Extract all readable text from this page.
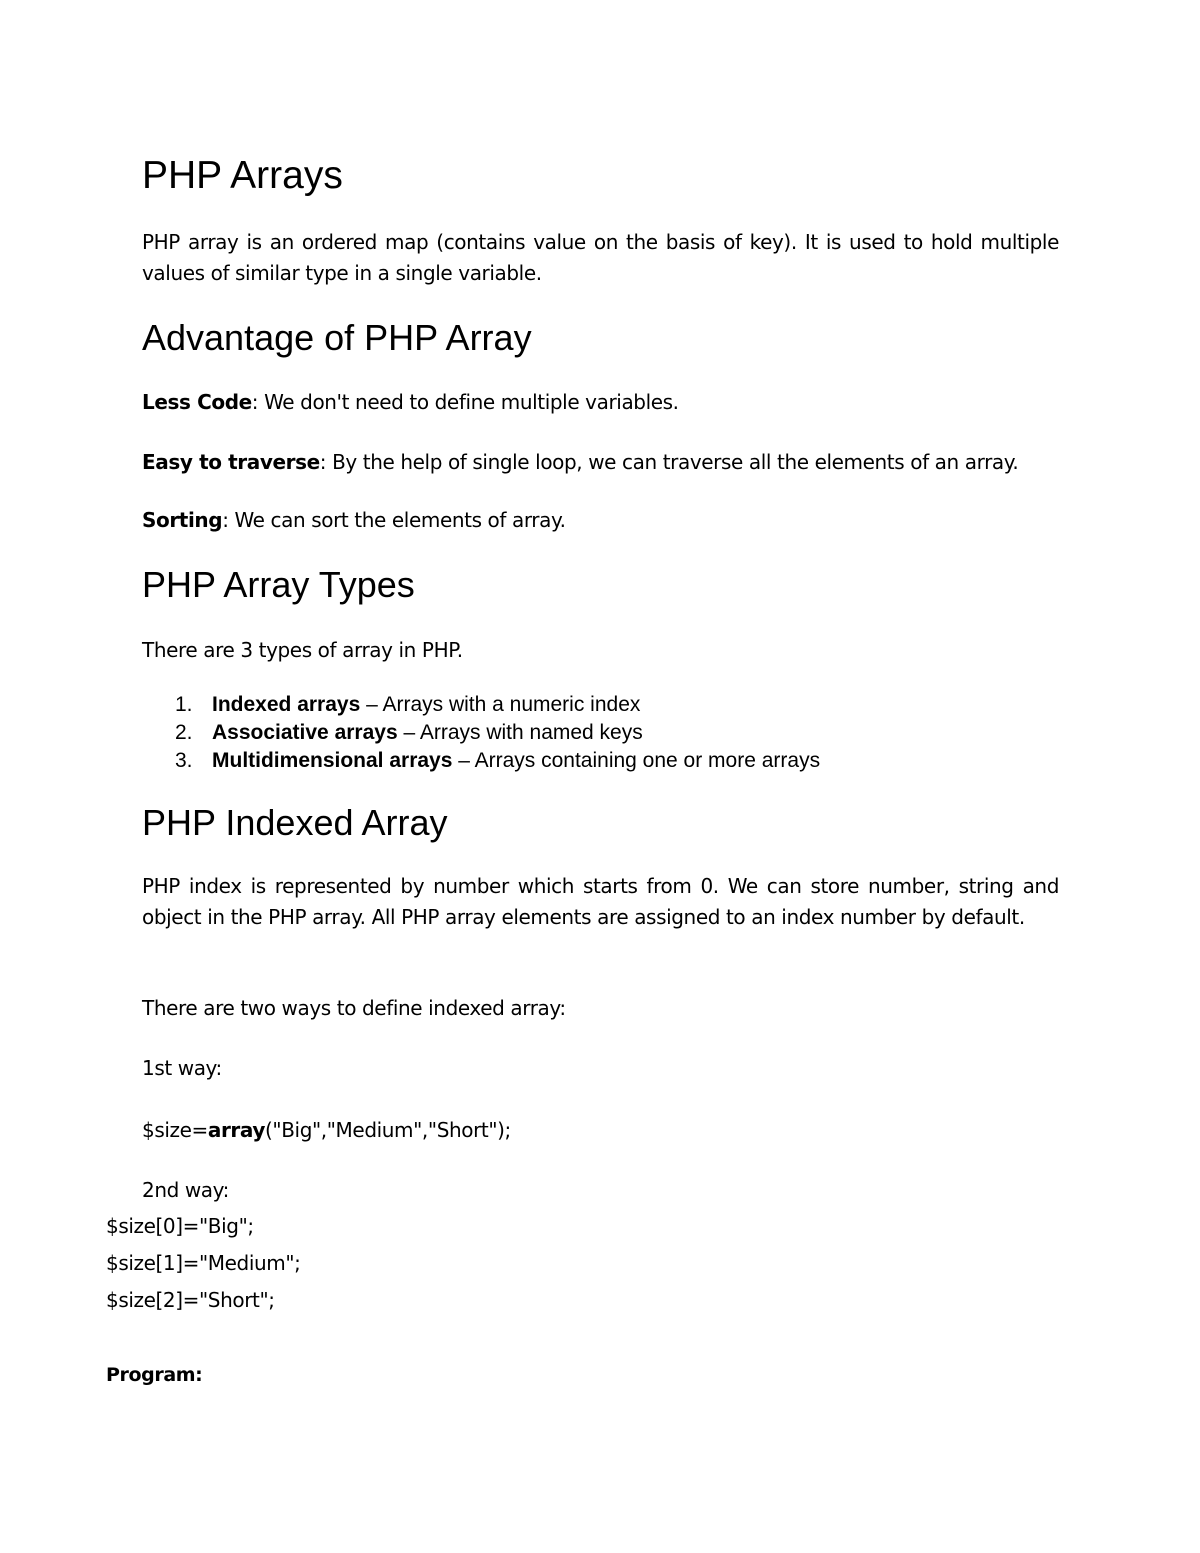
PHP Arrays

PHP array is an ordered map (contains value on the basis of key). It is used to hold multiple values of similar type in a single variable.

Advantage of PHP Array
Less Code: We don't need to define multiple variables.
Easy to traverse: By the help of single loop, we can traverse all the elements of an array.
Sorting: We can sort the elements of array.
PHP Array Types
There are 3 types of array in PHP.
1. Indexed arrays – Arrays with a numeric index
2. Associative arrays – Arrays with named keys
3. Multidimensional arrays – Arrays containing one or more arrays
PHP Indexed Array

PHP index is represented by number which starts from 0. We can store number, string and object in the PHP array. All PHP array elements are assigned to an index number by default.

There are two ways to define indexed array:
1st way:
$size=array("Big","Medium","Short");
2nd way:
$size[0]="Big";
$size[1]="Medium";
$size[2]="Short";
Program:
